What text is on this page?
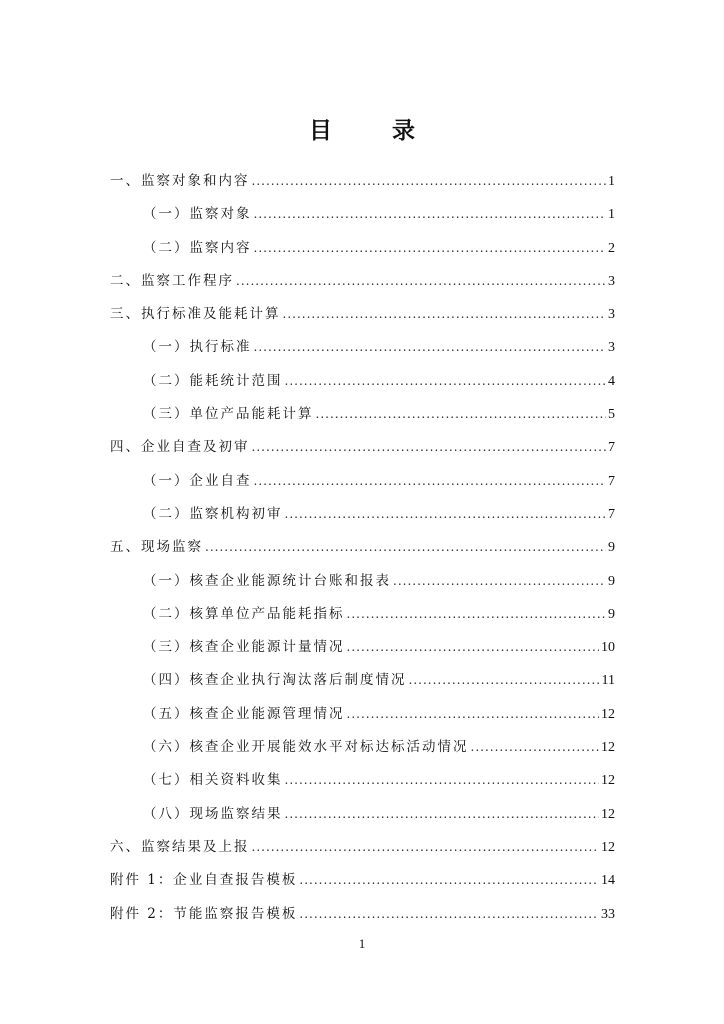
目 录
一、监察对象和内容 .....	1
（一）监察对象 .....	1
（二）监察内容 .....	2
二、监察工作程序 .....	3
三、执行标准及能耗计算 .....	3
（一）执行标准 .....	3
（二）能耗统计范围 .....	4
（三）单位产品能耗计算 .....	5
四、企业自查及初审 .....	7
（一）企业自查 .....	7
（二）监察机构初审 .....	7
五、现场监察 .....	9
（一）核查企业能源统计台账和报表 .....	9
（二）核算单位产品能耗指标 .....	9
（三）核查企业能源计量情况 .....	10
（四）核查企业执行淘汰落后制度情况 .....	11
（五）核查企业能源管理情况 .....	12
（六）核查企业开展能效水平对标达标活动情况 .....	12
（七）相关资料收集 .....	12
（八）现场监察结果 .....	12
六、监察结果及上报 .....	12
附件 1：企业自查报告模板 .....	14
附件 2：节能监察报告模板 .....	33
1
